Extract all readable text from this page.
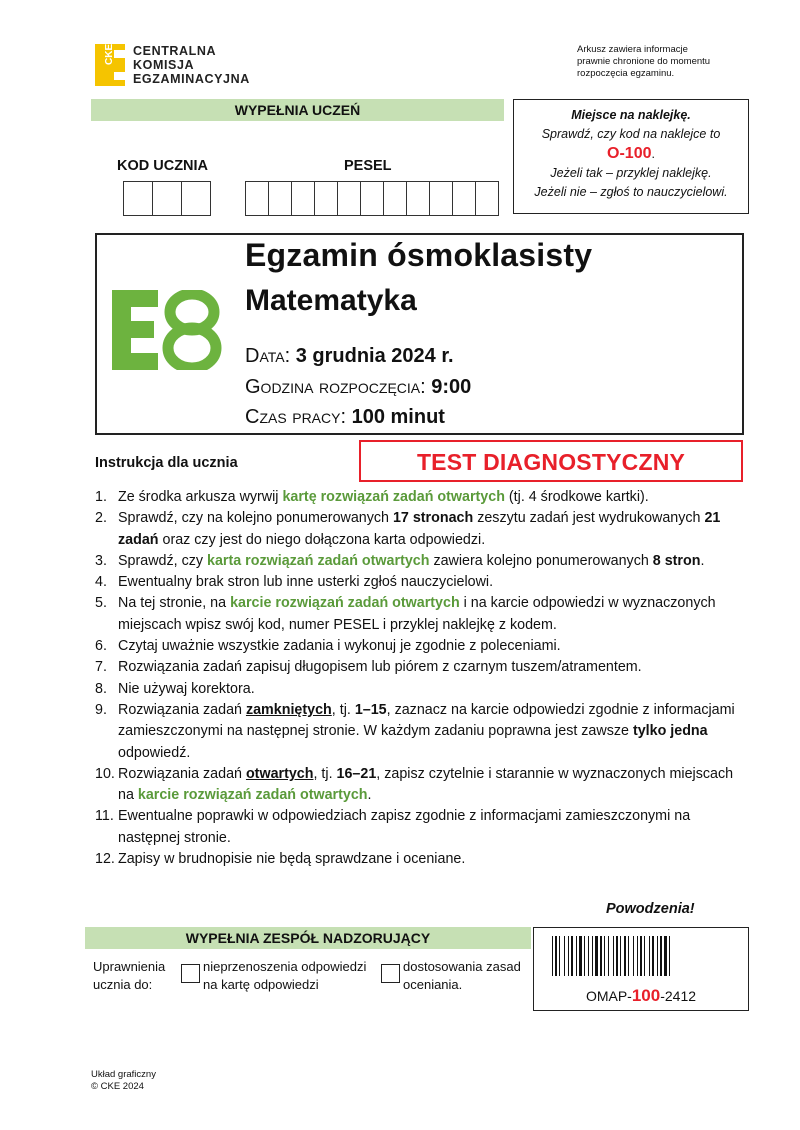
CKE CENTRALNA
KOMISJA
EGZAMINACYJNA
Arkusz zawiera informacje
prawnie chronione do momentu
rozpoczęcia egzaminu.
WYPEŁNIA UCZEŃ
KOD UCZNIA	PESEL
Miejsce na naklejkę.
Sprawdź, czy kod na naklejce to
O-100.
Jeżeli tak – przyklej naklejkę.
Jeżeli nie – zgłoś to nauczycielowi.
Egzamin ósmoklasisty
Matematyka
Data: 3 grudnia 2024 r.
Godzina rozpoczęcia: 9:00
Czas pracy: 100 minut
Instrukcja dla ucznia	TEST DIAGNOSTYCZNY
1. Ze środka arkusza wyrwij kartę rozwiązań zadań otwartych (tj. 4 środkowe kartki).
2. Sprawdź, czy na kolejno ponumerowanych 17 stronach zeszytu zadań jest wydrukowanych 21 zadań oraz czy jest do niego dołączona karta odpowiedzi.
3. Sprawdź, czy karta rozwiązań zadań otwartych zawiera kolejno ponumerowanych 8 stron.
4. Ewentualny brak stron lub inne usterki zgłoś nauczycielowi.
5. Na tej stronie, na karcie rozwiązań zadań otwartych i na karcie odpowiedzi w wyznaczonych miejscach wpisz swój kod, numer PESEL i przyklej naklejkę z kodem.
6. Czytaj uważnie wszystkie zadania i wykonuj je zgodnie z poleceniami.
7. Rozwiązania zadań zapisuj długopisem lub piórem z czarnym tuszem/atramentem.
8. Nie używaj korektora.
9. Rozwiązania zadań zamkniętych, tj. 1–15, zaznacz na karcie odpowiedzi zgodnie z informacjami zamieszczonymi na następnej stronie. W każdym zadaniu poprawna jest zawsze tylko jedna odpowiedź.
10. Rozwiązania zadań otwartych, tj. 16–21, zapisz czytelnie i starannie w wyznaczonych miejscach na karcie rozwiązań zadań otwartych.
11. Ewentualne poprawki w odpowiedziach zapisz zgodnie z informacjami zamieszczonymi na następnej stronie.
12. Zapisy w brudnopisie nie będą sprawdzane i oceniane.
Powodzenia!
WYPEŁNIA ZESPÓŁ NADZORUJĄCY
Uprawnienia
ucznia do:
nieprzenoszenia odpowiedzi
na kartę odpowiedzi
dostosowania zasad
oceniania.
OMAP-100-2412
Układ graficzny
© CKE 2024
